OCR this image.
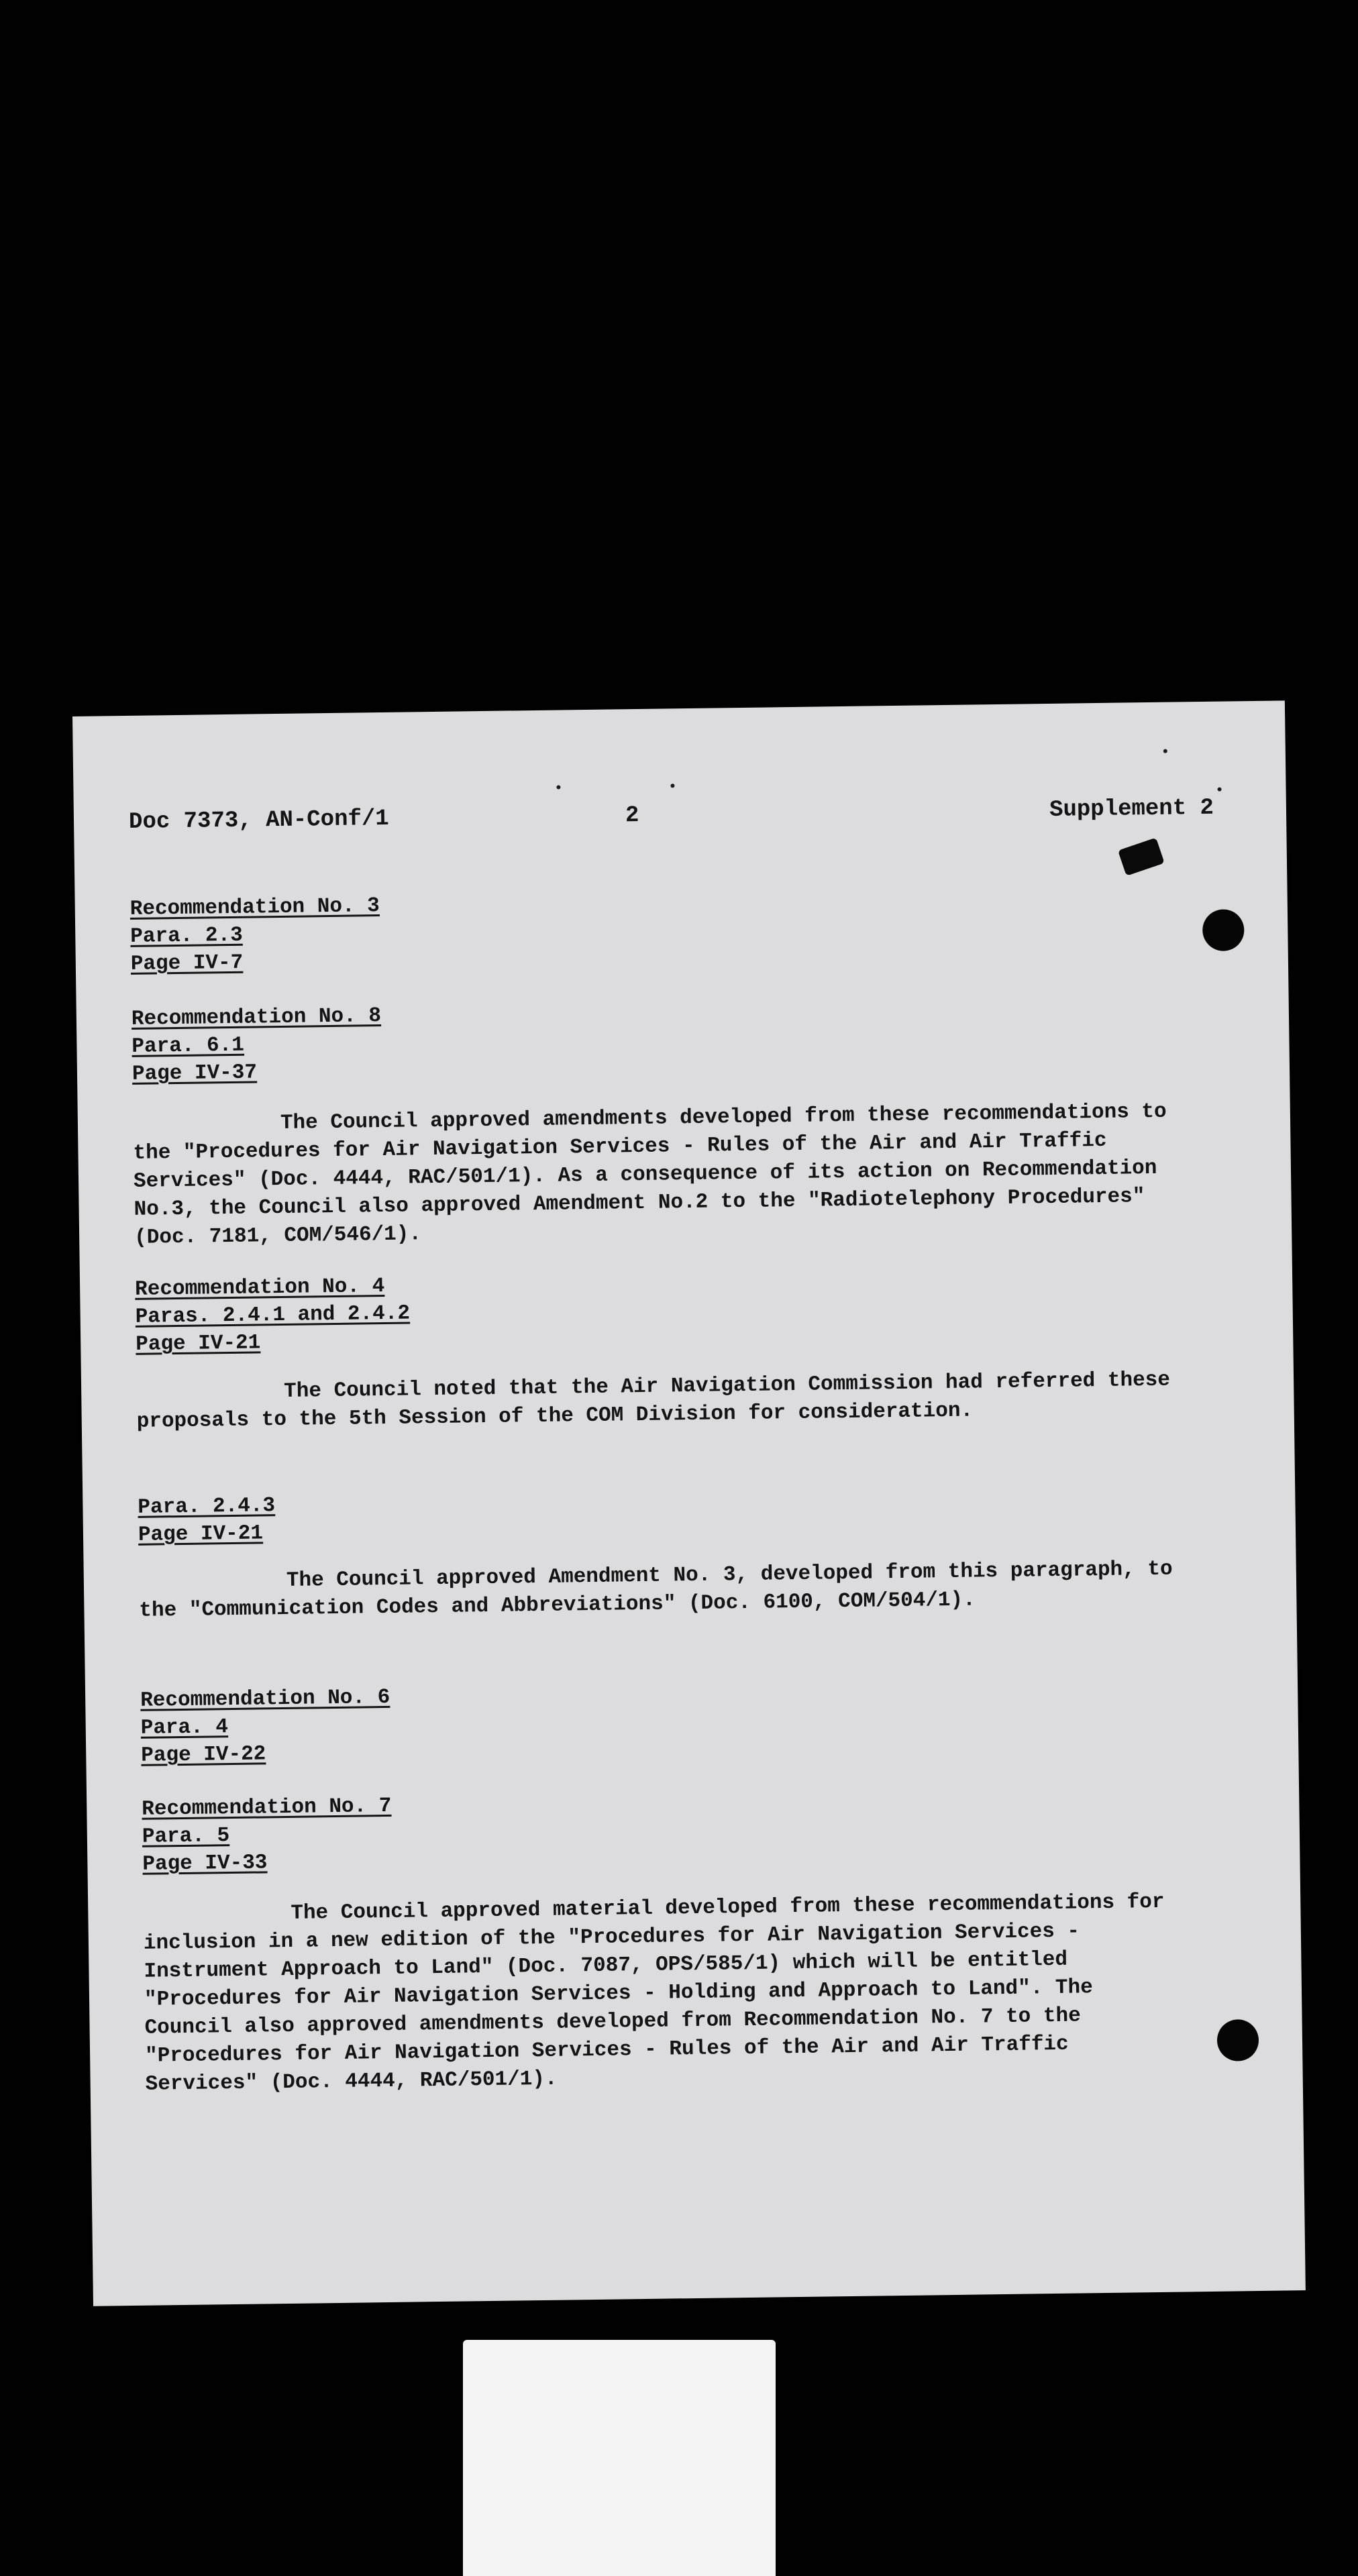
Doc 7373, AN-Conf/1	2	Supplement 2
Recommendation No. 3
Para. 2.3
Page IV-7
Recommendation No. 8
Para. 6.1
Page IV-37
The Council approved amendments developed from these recommendations to the "Procedures for Air Navigation Services - Rules of the Air and Air Traffic Services" (Doc. 4444, RAC/501/1). As a consequence of its action on Recommendation No.3, the Council also approved Amendment No.2 to the "Radiotelephony Procedures" (Doc. 7181, COM/546/1).
Recommendation No. 4
Paras. 2.4.1 and 2.4.2
Page IV-21
The Council noted that the Air Navigation Commission had referred these proposals to the 5th Session of the COM Division for consideration.
Para. 2.4.3
Page IV-21
The Council approved Amendment No. 3, developed from this paragraph, to the "Communication Codes and Abbreviations" (Doc. 6100, COM/504/1).
Recommendation No. 6
Para. 4
Page IV-22
Recommendation No. 7
Para. 5
Page IV-33
The Council approved material developed from these recommendations for inclusion in a new edition of the "Procedures for Air Navigation Services - Instrument Approach to Land" (Doc. 7087, OPS/585/1) which will be entitled "Procedures for Air Navigation Services - Holding and Approach to Land". The Council also approved amendments developed from Recommendation No. 7 to the "Procedures for Air Navigation Services - Rules of the Air and Air Traffic Services" (Doc. 4444, RAC/501/1).
